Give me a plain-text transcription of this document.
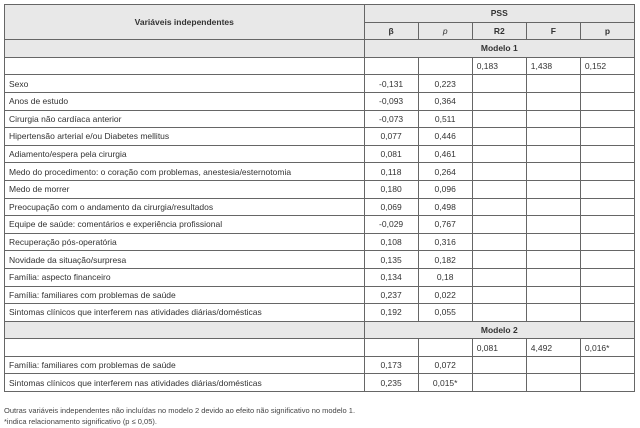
Variáveis independentes	PSS				
	β	p	R2	F	p
	Modelo 1				
			0,183	1,438	0,152
Sexo	-0,131	0,223			
Anos de estudo	-0,093	0,364			
Cirurgia não cardíaca anterior	-0,073	0,511			
Hipertensão arterial e/ou Diabetes mellitus	0,077	0,446			
Adiamento/espera pela cirurgia	0,081	0,461			
Medo do procedimento: o coração com problemas, anestesia/esternotomia	0,118	0,264			
Medo de morrer	0,180	0,096			
Preocupação com o andamento da cirurgia/resultados	0,069	0,498			
Equipe de saúde: comentários e experiência profissional	-0,029	0,767			
Recuperação pós-operatória	0,108	0,316			
Novidade da situação/surpresa	0,135	0,182			
Família: aspecto financeiro	0,134	0,18			
Família: familiares com problemas de saúde	0,237	0,022			
Sintomas clínicos que interferem nas atividades diárias/domésticas	0,192	0,055			
	Modelo 2				
			0,081	4,492	0,016*
Família: familiares com problemas de saúde	0,173	0,072			
Sintomas clínicos que interferem nas atividades diárias/domésticas	0,235	0,015*			
Outras variáveis independentes não incluídas no modelo 2 devido ao efeito não significativo no modelo 1.
*indica relacionamento significativo (p ≤ 0,05).
